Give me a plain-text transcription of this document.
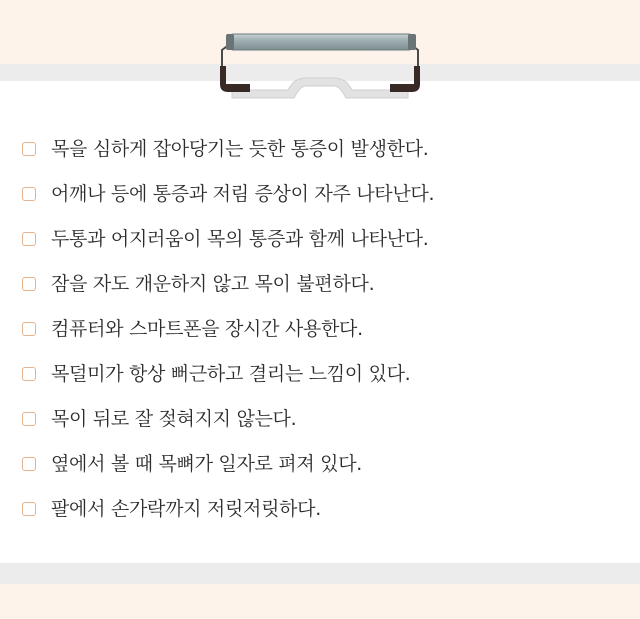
목을 심하게 잡아당기는 듯한 통증이 발생한다.
어깨나 등에 통증과 저림 증상이 자주 나타난다.
두통과 어지러움이 목의 통증과 함께 나타난다.
잠을 자도 개운하지 않고 목이 불편하다.
컴퓨터와 스마트폰을 장시간 사용한다.
목덜미가 항상 뻐근하고 결리는 느낌이 있다.
목이 뒤로 잘 젖혀지지 않는다.
옆에서 볼 때 목뼈가 일자로 펴져 있다.
팔에서 손가락까지 저릿저릿하다.
